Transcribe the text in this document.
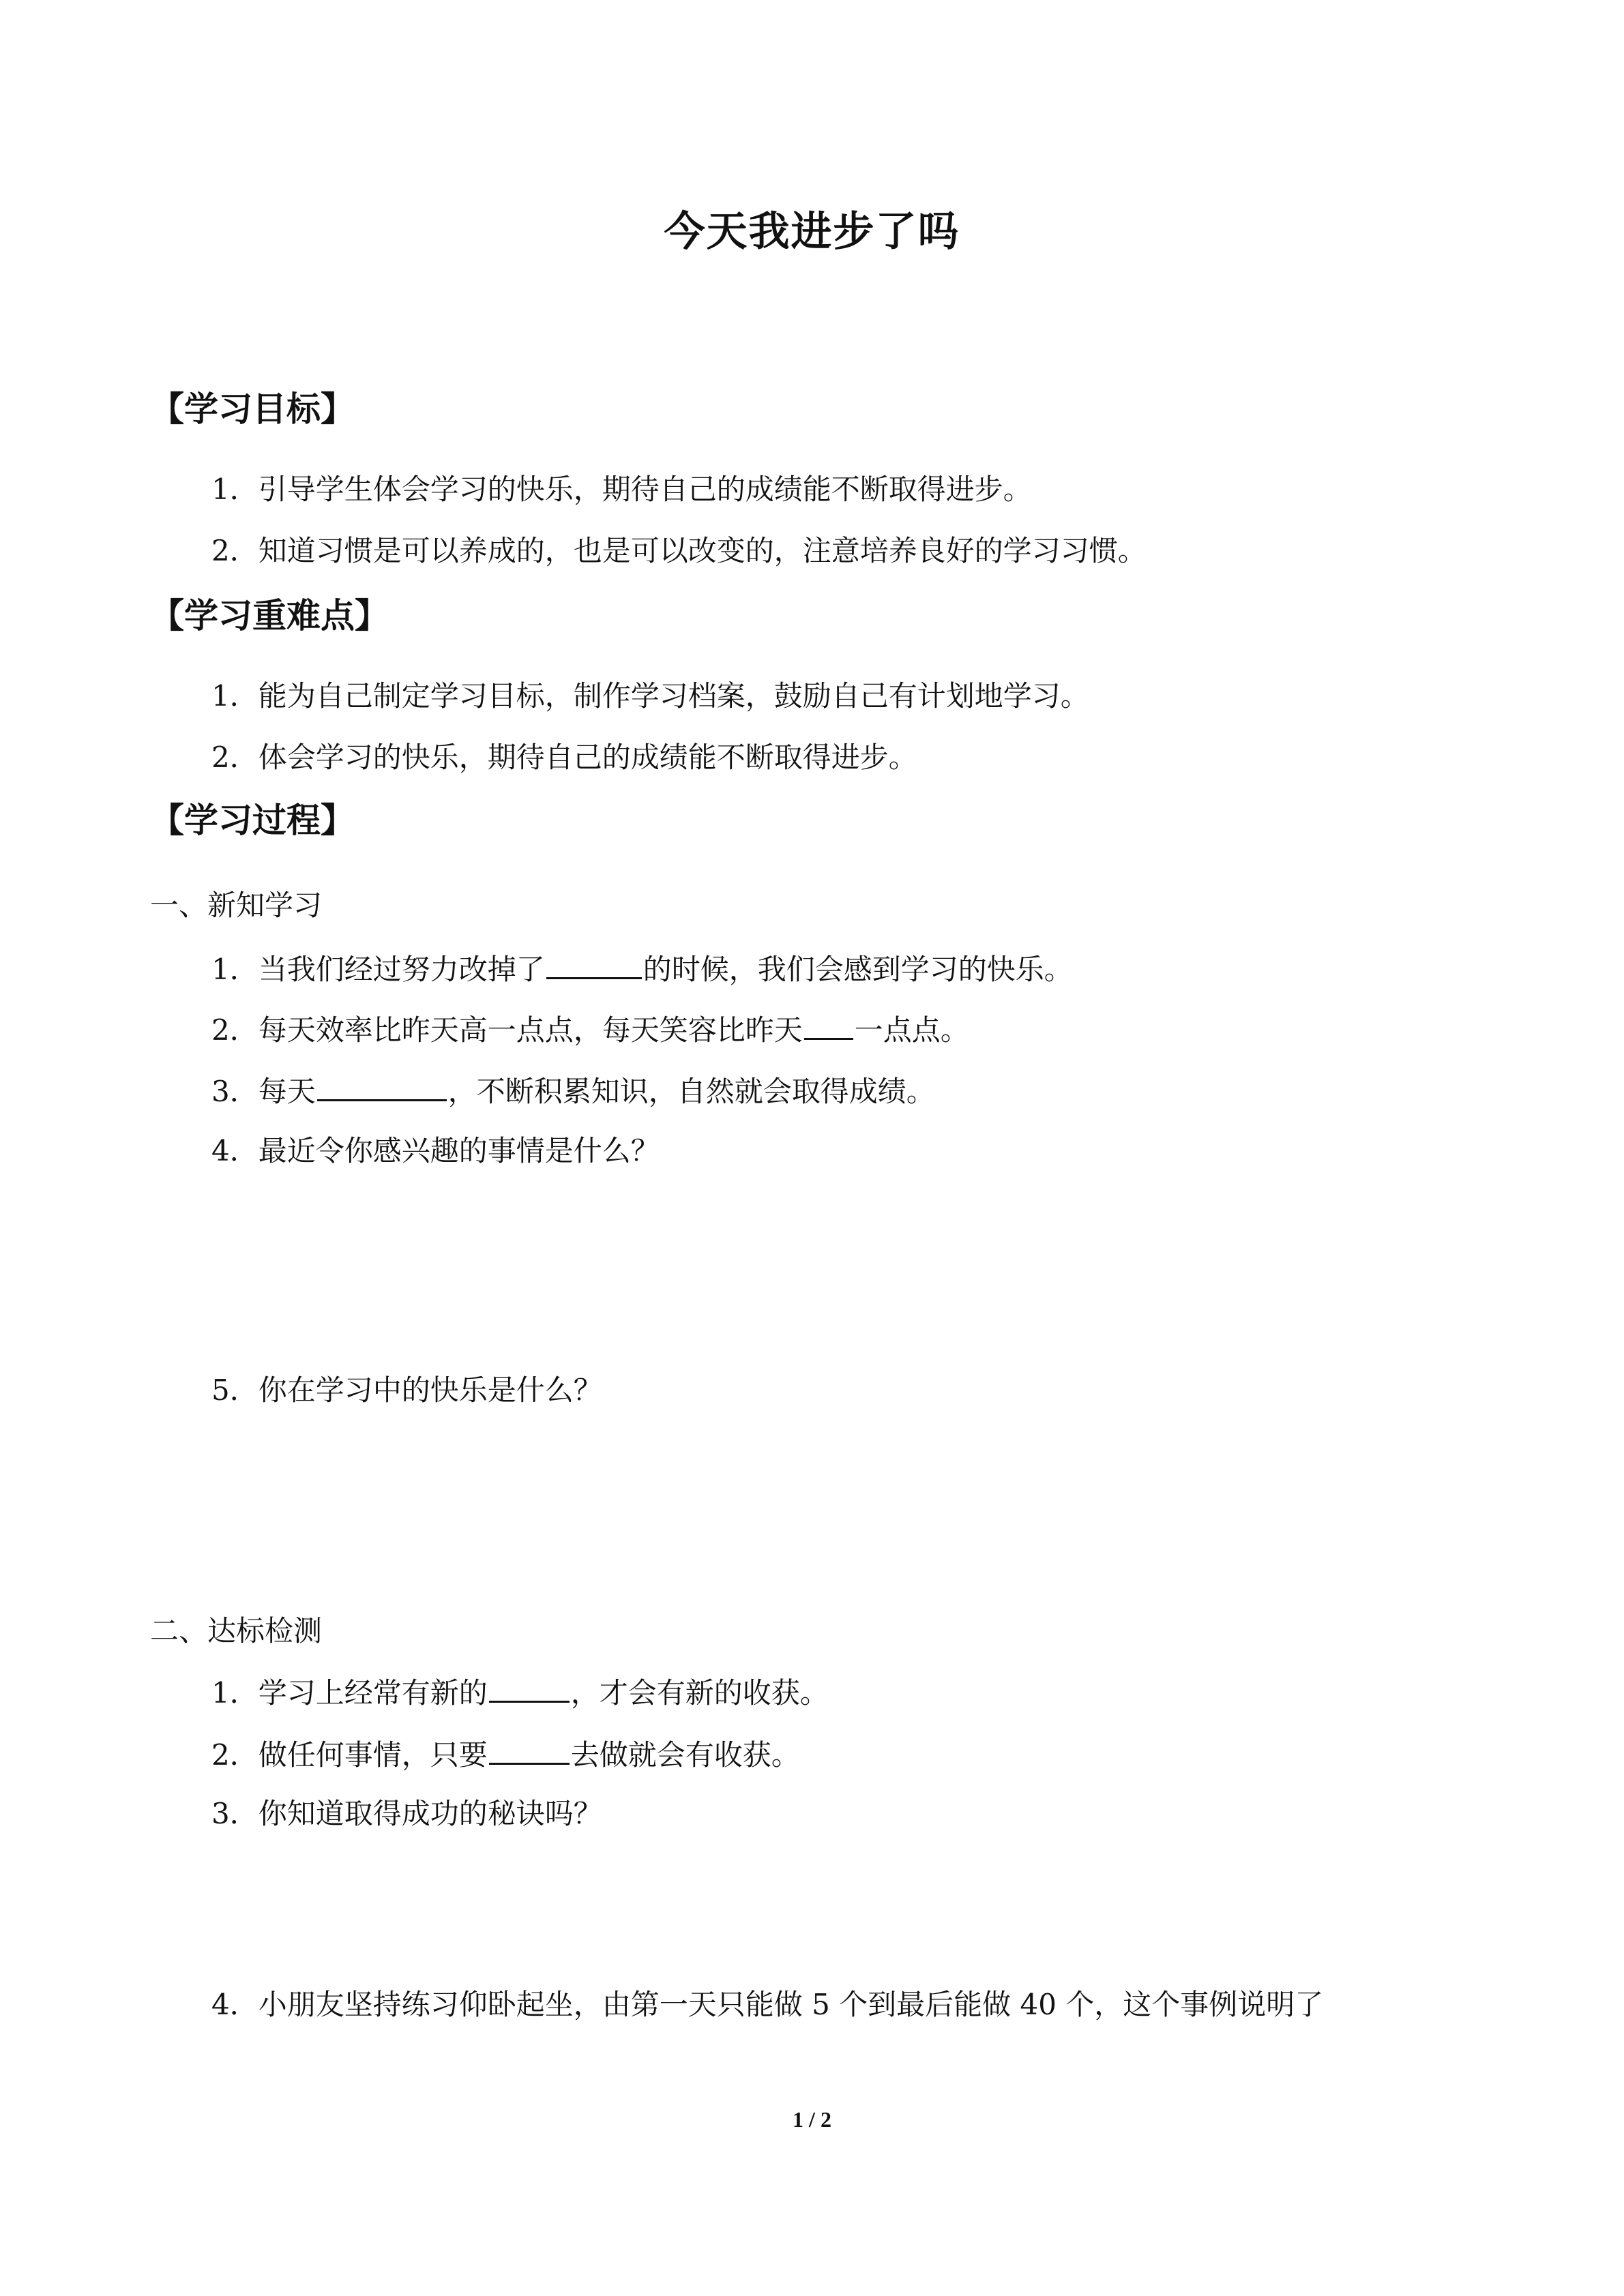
今天我进步了吗
【学习目标】
1．引导学生体会学习的快乐，期待自己的成绩能不断取得进步。
2．知道习惯是可以养成的，也是可以改变的，注意培养良好的学习习惯。
【学习重难点】
1．能为自己制定学习目标，制作学习档案，鼓励自己有计划地学习。
2．体会学习的快乐，期待自己的成绩能不断取得进步。
【学习过程】
一、新知学习
1．当我们经过努力改掉了	的时候，我们会感到学习的快乐。
2．每天效率比昨天高一点点，每天笑容比昨天 一点点。
3．每天	，不断积累知识，自然就会取得成绩。
4．最近令你感兴趣的事情是什么？
5．你在学习中的快乐是什么？
二、达标检测
1．学习上经常有新的	，才会有新的收获。
2．做任何事情，只要	去做就会有收获。
3．你知道取得成功的秘诀吗？
4．小朋友坚持练习仰卧起坐，由第一天只能做 5 个到最后能做 40 个，这个事例说明了
1 / 2
